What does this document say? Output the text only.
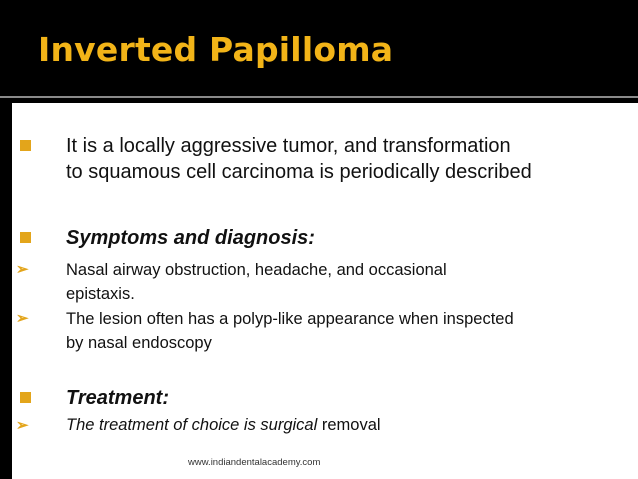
Inverted Papilloma
It is a locally aggressive tumor, and transformation
to squamous cell carcinoma is periodically described
Symptoms and diagnosis:
➢ Nasal airway obstruction, headache, and occasional
epistaxis.
➢ The lesion often has a polyp-like appearance when inspected
by nasal endoscopy
Treatment:
➢ The treatment of choice is surgical removal
www.indiandentalacademy.com
